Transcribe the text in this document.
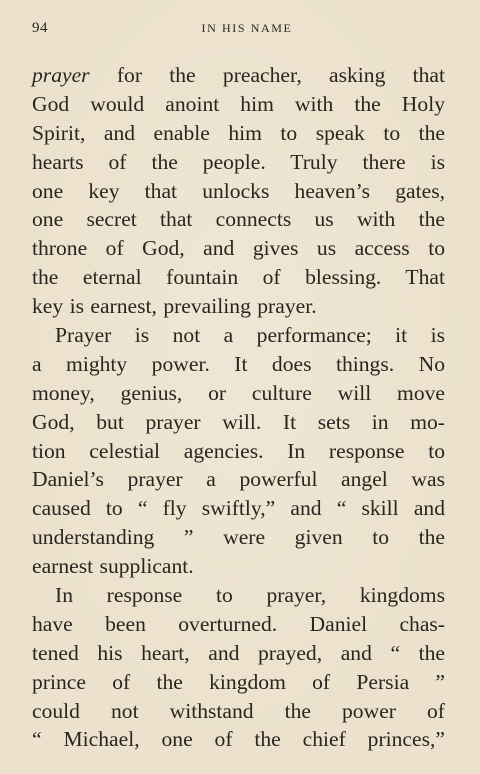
94	IN HIS NAME
prayer for the preacher, asking that
God would anoint him with the Holy
Spirit, and enable him to speak to the
hearts of the people. Truly there is
one key that unlocks heaven’s gates,
one secret that connects us with the
throne of God, and gives us access to
the eternal fountain of blessing. That
key is earnest, prevailing prayer.
Prayer is not a performance; it is
a mighty power. It does things. No
money, genius, or culture will move
God, but prayer will. It sets in mo-
tion celestial agencies. In response to
Daniel’s prayer a powerful angel was
caused to “ fly swiftly,” and “ skill and
understanding ” were given to the
earnest supplicant.
In response to prayer, kingdoms
have been overturned. Daniel chas-
tened his heart, and prayed, and “ the
prince of the kingdom of Persia ”
could not withstand the power of
“ Michael, one of the chief princes,”
